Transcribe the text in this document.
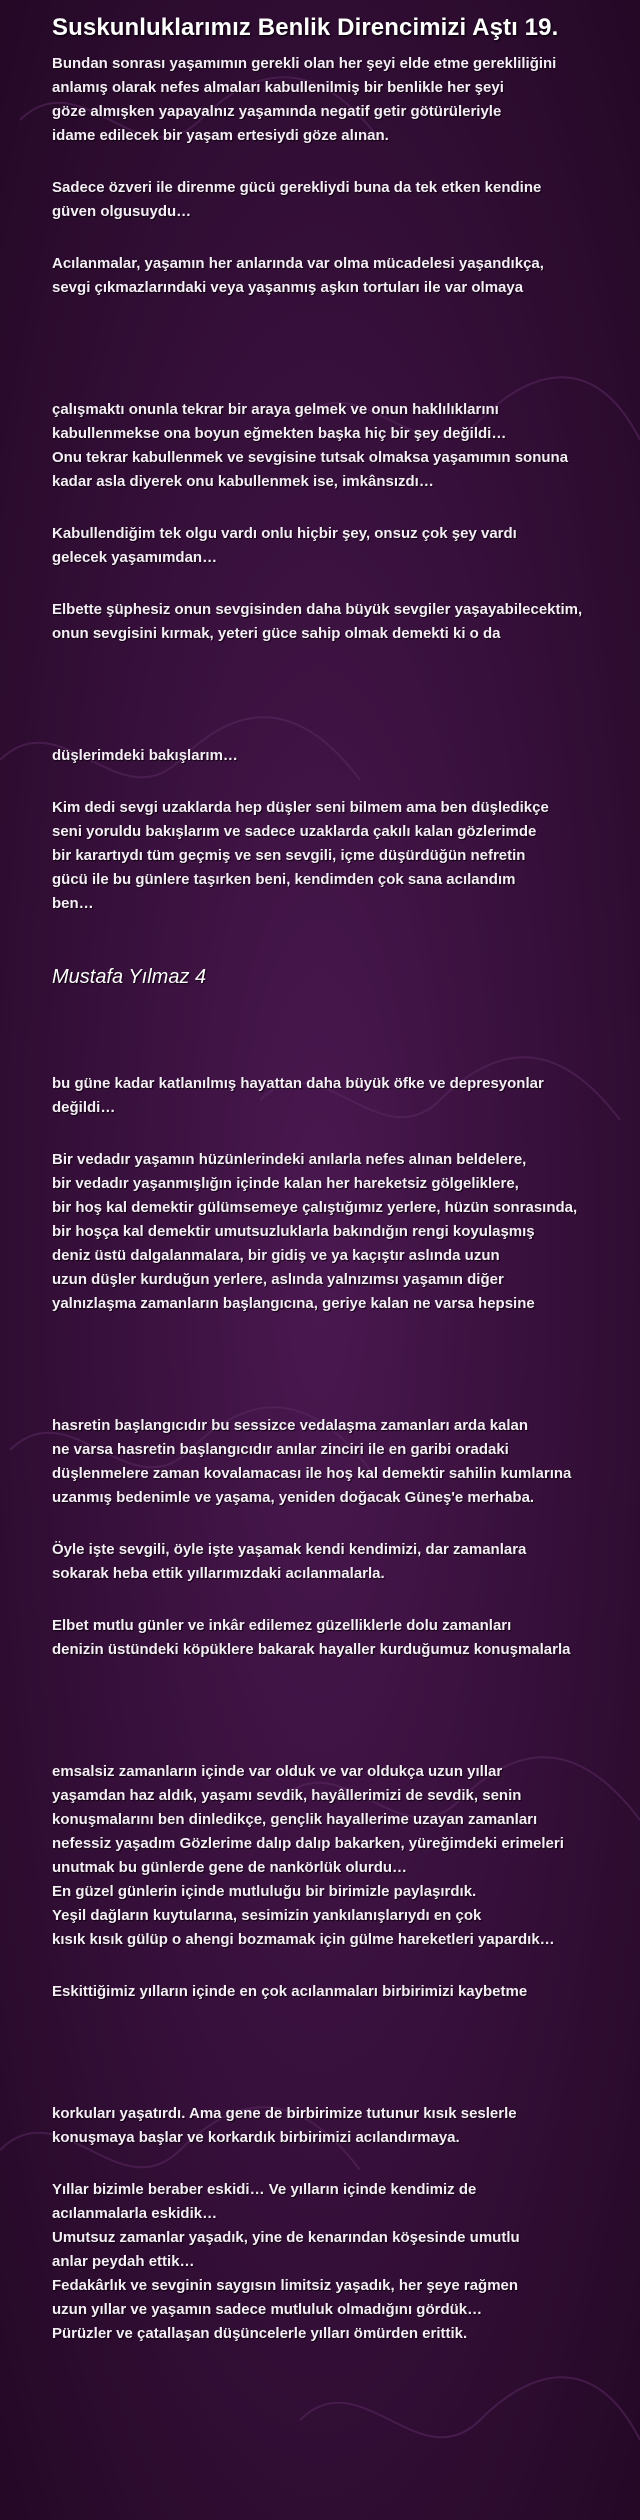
Suskunluklarımız Benlik Direncimizi Aştı 19.
Bundan sonrası yaşamımın gerekli olan her şeyi elde etme gerekliliğini
anlamış olarak nefes almaları kabullenilmiş bir benlikle her şeyi
göze almışken yapayalnız yaşamında negatif getir götürüleriyle
idame edilecek bir yaşam ertesiydi göze alınan.
Sadece özveri ile direnme gücü gerekliydi buna da tek etken kendine
güven olgusuydu…
Acılanmalar, yaşamın her anlarında var olma mücadelesi yaşandıkça,
sevgi çıkmazlarındaki veya yaşanmış aşkın tortuları ile var olmaya
çalışmaktı onunla tekrar bir araya gelmek ve onun haklılıklarını
kabullenmekse ona boyun eğmekten başka hiç bir şey değildi…
Onu tekrar kabullenmek ve sevgisine tutsak olmaksa yaşamımın sonuna
kadar asla diyerek onu kabullenmek ise, imkânsızdı…
Kabullendiğim tek olgu vardı onlu hiçbir şey, onsuz çok şey vardı
gelecek yaşamımdan…
Elbette şüphesiz onun sevgisinden daha büyük sevgiler yaşayabilecektim,
onun sevgisini kırmak, yeteri güce sahip olmak demekti ki o da
düşlerimdeki bakışlarım…
Kim dedi sevgi uzaklarda hep düşler seni bilmem ama ben düşledikçe
seni yoruldu bakışlarım ve sadece uzaklarda çakılı kalan gözlerimde
bir karartıydı tüm geçmiş ve sen sevgili, içme düşürdüğün nefretin
gücü ile bu günlere taşırken beni, kendimden çok sana acılandım
ben…
Mustafa Yılmaz 4
bu güne kadar katlanılmış hayattan daha büyük öfke ve depresyonlar
değildi…
Bir vedadır yaşamın hüzünlerindeki anılarla nefes alınan beldelere,
bir vedadır yaşanmışlığın içinde kalan her hareketsiz gölgeliklere,
bir hoş kal demektir gülümsemeye çalıştığımız yerlere, hüzün sonrasında,
bir hoşça kal demektir umutsuzluklarla bakındığın rengi koyulaşmış
deniz üstü dalgalanmalara, bir gidiş ve ya kaçıştır aslında uzun
uzun düşler kurduğun yerlere, aslında yalnızımsı yaşamın diğer
yalnızlaşma zamanların başlangıcına, geriye kalan ne varsa hepsine
hasretin başlangıcıdır bu sessizce vedalaşma zamanları arda kalan
ne varsa hasretin başlangıcıdır anılar zinciri ile en garibi oradaki
düşlenmelere zaman kovalamacası ile hoş kal demektir sahilin kumlarına
uzanmış bedenimle ve yaşama, yeniden doğacak Güneş'e merhaba.
Öyle işte sevgili, öyle işte yaşamak kendi kendimizi, dar zamanlara
sokarak heba ettik yıllarımızdaki acılanmalarla.
Elbet mutlu günler ve inkâr edilemez güzelliklerle dolu zamanları
denizin üstündeki köpüklere bakarak hayaller kurduğumuz konuşmalarla
emsalsiz zamanların içinde var olduk ve var oldukça uzun yıllar
yaşamdan haz aldık, yaşamı sevdik, hayâllerimizi de sevdik, senin
konuşmalarını ben dinledikçe, gençlik hayallerime uzayan zamanları
nefessiz yaşadım Gözlerime dalıp dalıp bakarken, yüreğimdeki erimeleri
unutmak bu günlerde gene de nankörlük olurdu…
En güzel günlerin içinde mutluluğu bir birimizle paylaşırdık.
Yeşil dağların kuytularına, sesimizin yankılanışlarıydı en çok
kısık kısık gülüp o ahengi bozmamak için gülme hareketleri yapardık…
Eskittiğimiz yılların içinde en çok acılanmaları birbirimizi kaybetme
korkuları yaşatırdı. Ama gene de birbirimize tutunur kısık seslerle
konuşmaya başlar ve korkardık birbirimizi acılandırmaya.
Yıllar bizimle beraber eskidi… Ve yılların içinde kendimiz de
acılanmalarla eskidik…
Umutsuz zamanlar yaşadık, yine de kenarından köşesinde umutlu
anlar peydah ettik…
Fedakârlık ve sevginin saygısın limitsiz yaşadık, her şeye rağmen
uzun yıllar ve yaşamın sadece mutluluk olmadığını gördük…
Pürüzler ve çatallaşan düşüncelerle yılları ömürden erittik.
